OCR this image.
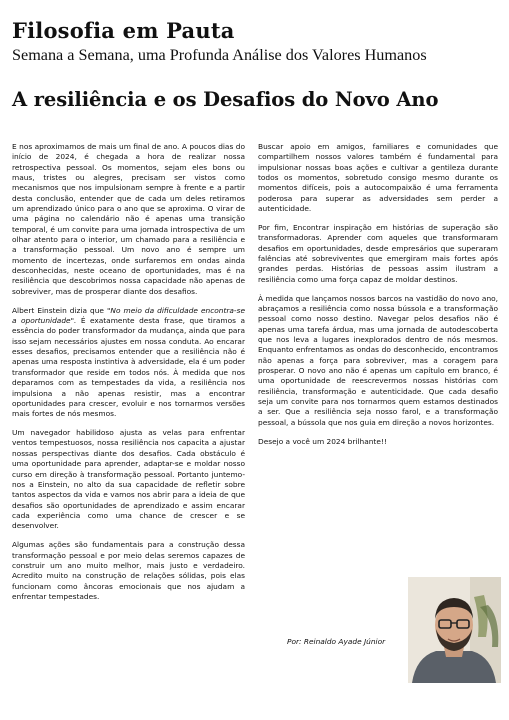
Filosofia em Pauta
Semana a Semana, uma Profunda Análise dos Valores Humanos
A resiliência e os Desafios do Novo Ano

E nos aproximamos de mais um final de ano. A poucos dias do início de 2024, é chegada a hora de realizar nossa retrospectiva pessoal. Os momentos, sejam eles bons ou maus, tristes ou alegres, precisam ser vistos como mecanismos que nos impulsionam sempre à frente e a partir desta conclusão, entender que de cada um deles retiramos um aprendizado único para o ano que se aproxima. O virar de uma página no calendário não é apenas uma transição temporal, é um convite para uma jornada introspectiva de um olhar atento para o interior, um chamado para a resiliência e a transformação pessoal. Um novo ano é sempre um momento de incertezas, onde surfaremos em ondas ainda desconhecidas, neste oceano de oportunidades, mas é na resiliência que descobrimos nossa capacidade não apenas de sobreviver, mas de prosperar diante dos desafios.

Albert Einstein dizia que "No meio da dificuldade encontra-se a oportunidade". É exatamente desta frase, que tiramos a essência do poder transformador da mudança, ainda que para isso sejam necessários ajustes em nossa conduta. Ao encarar esses desafios, precisamos entender que a resiliência não é apenas uma resposta instintiva à adversidade, ela é um poder transformador que reside em todos nós. À medida que nos deparamos com as tempestades da vida, a resiliência nos impulsiona a não apenas resistir, mas a encontrar oportunidades para crescer, evoluir e nos tornarmos versões mais fortes de nós mesmos.

Um navegador habilidoso ajusta as velas para enfrentar ventos tempestuosos, nossa resiliência nos capacita a ajustar nossas perspectivas diante dos desafios. Cada obstáculo é uma oportunidade para aprender, adaptar-se e moldar nosso curso em direção à transformação pessoal. Portanto juntemo-nos a Einstein, no alto da sua capacidade de refletir sobre tantos aspectos da vida e vamos nos abrir para a ideia de que desafios são oportunidades de aprendizado e assim encarar cada experiência como uma chance de crescer e se desenvolver.

Algumas ações são fundamentais para a construção dessa transformação pessoal e por meio delas seremos capazes de construir um ano muito melhor, mais justo e verdadeiro. Acredito muito na construção de relações sólidas, pois elas funcionam como âncoras emocionais que nos ajudam a enfrentar tempestades.

Buscar apoio em amigos, familiares e comunidades que compartilhem nossos valores também é fundamental para impulsionar nossas boas ações e cultivar a gentileza durante todos os momentos, sobretudo consigo mesmo durante os momentos difíceis, pois a autocompaixão é uma ferramenta poderosa para superar as adversidades sem perder a autenticidade.

Por fim, Encontrar inspiração em histórias de superação são transformadoras. Aprender com aqueles que transformaram desafios em oportunidades, desde empresários que superaram falências até sobreviventes que emergiram mais fortes após grandes perdas. Histórias de pessoas assim ilustram a resiliência como uma força capaz de moldar destinos.

À medida que lançamos nossos barcos na vastidão do novo ano, abraçamos a resiliência como nossa bússola e a transformação pessoal como nosso destino. Navegar pelos desafios não é apenas uma tarefa árdua, mas uma jornada de autodescoberta que nos leva a lugares inexplorados dentro de nós mesmos. Enquanto enfrentamos as ondas do desconhecido, encontramos não apenas a força para sobreviver, mas a coragem para prosperar. O novo ano não é apenas um capítulo em branco, é uma oportunidade de reescrevermos nossas histórias com resiliência, transformação e autenticidade. Que cada desafio seja um convite para nos tornarmos quem estamos destinados a ser. Que a resiliência seja nosso farol, e a transformação pessoal, a bússola que nos guia em direção a novos horizontes.

Desejo a você um 2024 brilhante!!

Por: Reinaldo Ayade Júnior
